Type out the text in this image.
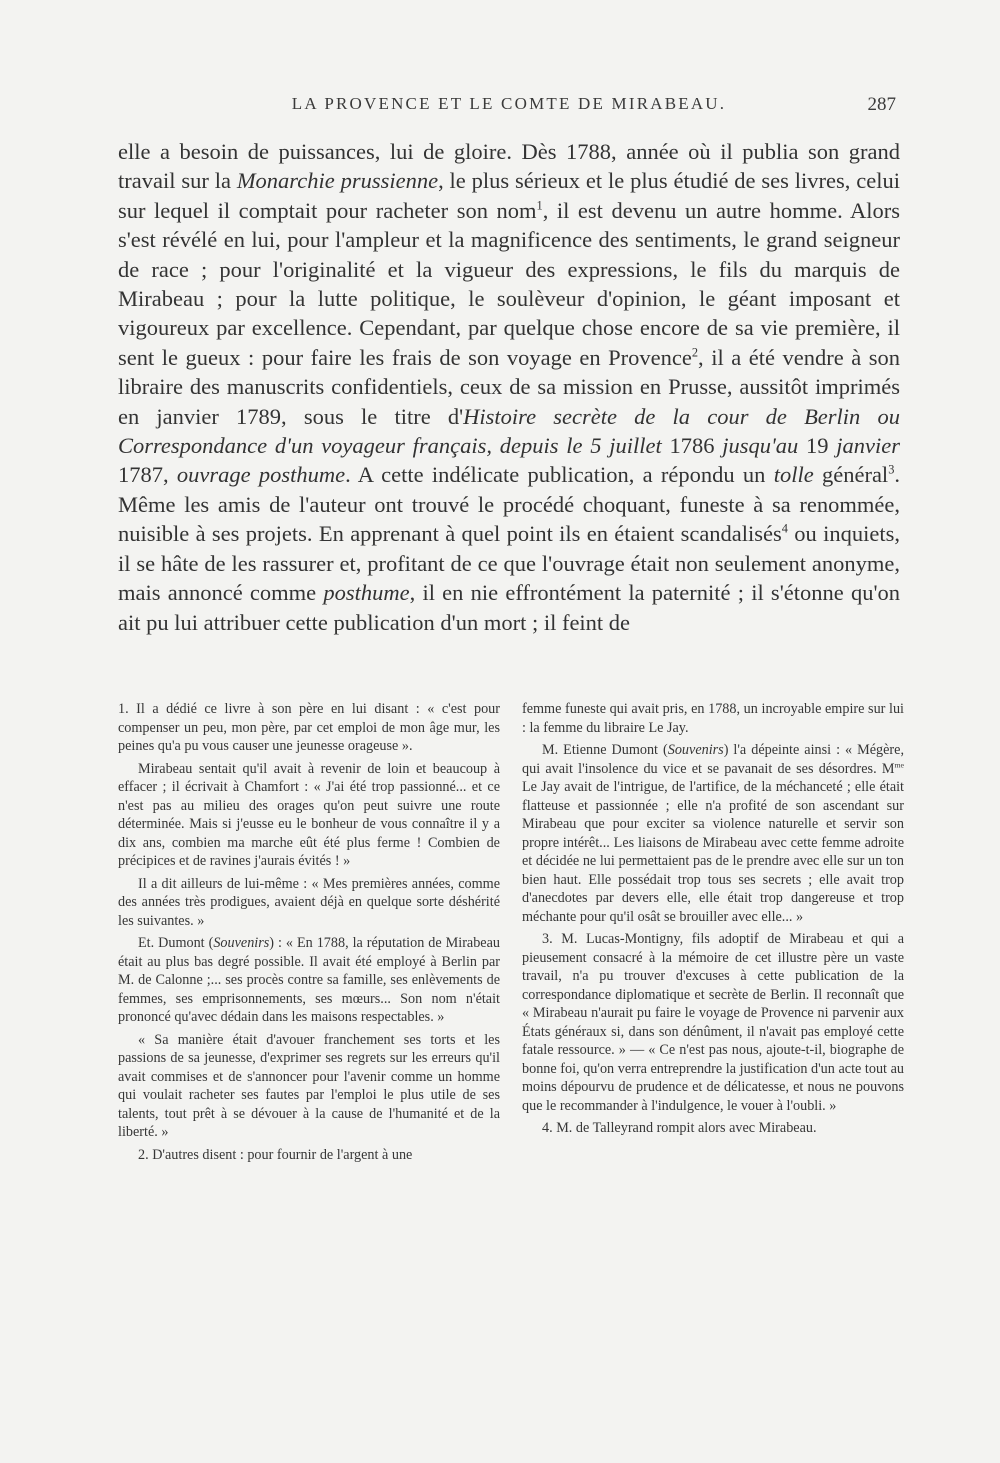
LA PROVENCE ET LE COMTE DE MIRABEAU.	287

elle a besoin de puissances, lui de gloire. Dès 1788, année où il publia son grand travail sur la Monarchie prussienne, le plus sérieux et le plus étudié de ses livres, celui sur lequel il comptait pour racheter son nom$^1$, il est devenu un autre homme. Alors s'est révélé en lui, pour l'ampleur et la magnificence des sentiments, le grand seigneur de race ; pour l'originalité et la vigueur des expressions, le fils du marquis de Mirabeau ; pour la lutte politique, le soulèveur d'opinion, le géant imposant et vigoureux par excellence. Cependant, par quelque chose encore de sa vie première, il sent le gueux : pour faire les frais de son voyage en Provence$^2$, il a été vendre à son libraire des manuscrits confidentiels, ceux de sa mission en Prusse, aussitôt imprimés en janvier 1789, sous le titre d'Histoire secrète de la cour de Berlin ou Correspondance d'un voyageur français, depuis le 5 juillet 1786 jusqu'au 19 janvier 1787, ouvrage posthume. A cette indélicate publication, a répondu un tolle général$^3$. Même les amis de l'auteur ont trouvé le procédé choquant, funeste à sa renommée, nuisible à ses projets. En apprenant à quel point ils en étaient scandalisés$^4$ ou inquiets, il se hâte de les rassurer et, profitant de ce que l'ouvrage était non seulement anonyme, mais annoncé comme posthume, il en nie effrontément la paternité ; il s'étonne qu'on ait pu lui attribuer cette publication d'un mort ; il feint de

1. Il a dédié ce livre à son père en lui disant : « c'est pour compenser un peu, mon père, par cet emploi de mon âge mur, les peines qu'a pu vous causer une jeunesse orageuse ».

Mirabeau sentait qu'il avait à revenir de loin et beaucoup à effacer ; il écrivait à Chamfort : « J'ai été trop passionné... et ce n'est pas au milieu des orages qu'on peut suivre une route déterminée. Mais si j'eusse eu le bonheur de vous connaître il y a dix ans, combien ma marche eût été plus ferme ! Combien de précipices et de ravines j'aurais évités ! »

Il a dit ailleurs de lui-même : « Mes premières années, comme des années très prodigues, avaient déjà en quelque sorte déshérité les suivantes. »

Et. Dumont (Souvenirs) : « En 1788, la réputation de Mirabeau était au plus bas degré possible. Il avait été employé à Berlin par M. de Calonne ;... ses procès contre sa famille, ses enlèvements de femmes, ses emprisonnements, ses mœurs... Son nom n'était prononcé qu'avec dédain dans les maisons respectables. »

« Sa manière était d'avouer franchement ses torts et les passions de sa jeunesse, d'exprimer ses regrets sur les erreurs qu'il avait commises et de s'annoncer pour l'avenir comme un homme qui voulait racheter ses fautes par l'emploi le plus utile de ses talents, tout prêt à se dévouer à la cause de l'humanité et de la liberté. »

2. D'autres disent : pour fournir de l'argent à une

femme funeste qui avait pris, en 1788, un incroyable empire sur lui : la femme du libraire Le Jay.

M. Etienne Dumont (Souvenirs) l'a dépeinte ainsi : « Mégère, qui avait l'insolence du vice et se pavanait de ses désordres. $M^{me}$ Le Jay avait de l'intrigue, de l'artifice, de la méchanceté ; elle était flatteuse et passionnée ; elle n'a profité de son ascendant sur Mirabeau que pour exciter sa violence naturelle et servir son propre intérêt... Les liaisons de Mirabeau avec cette femme adroite et décidée ne lui permettaient pas de le prendre avec elle sur un ton bien haut. Elle possédait trop tous ses secrets ; elle avait trop d'anecdotes par devers elle, elle était trop dangereuse et trop méchante pour qu'il osât se brouiller avec elle... »

3. M. Lucas-Montigny, fils adoptif de Mirabeau et qui a pieusement consacré à la mémoire de cet illustre père un vaste travail, n'a pu trouver d'excuses à cette publication de la correspondance diplomatique et secrète de Berlin. Il reconnaît que « Mirabeau n'aurait pu faire le voyage de Provence ni parvenir aux États généraux si, dans son dénûment, il n'avait pas employé cette fatale ressource. » — « Ce n'est pas nous, ajoute-t-il, biographe de bonne foi, qu'on verra entreprendre la justification d'un acte tout au moins dépourvu de prudence et de délicatesse, et nous ne pouvons que le recommander à l'indulgence, le vouer à l'oubli. »

4. M. de Talleyrand rompit alors avec Mirabeau.
